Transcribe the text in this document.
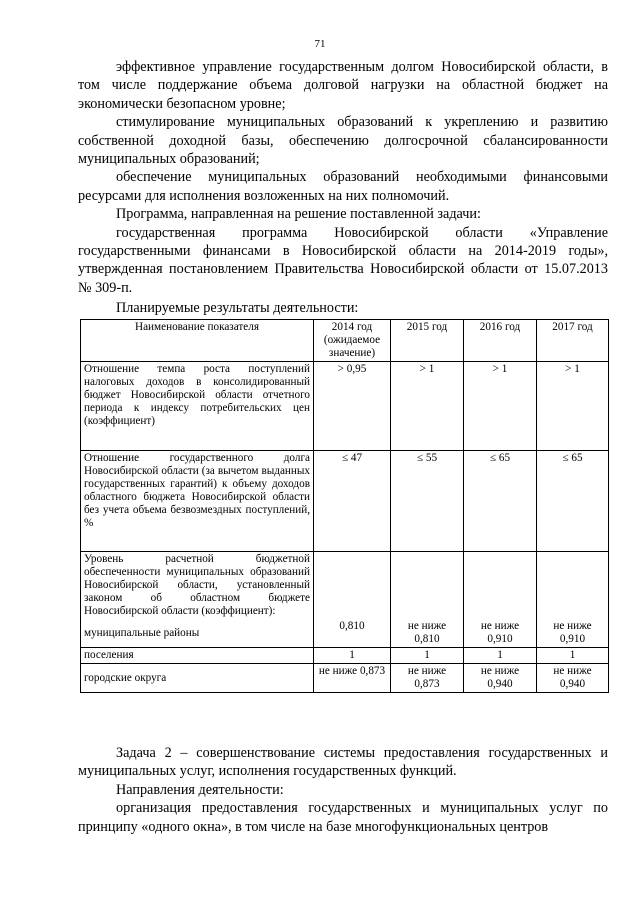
71

эффективное управление государственным долгом Новосибирской области, в том числе поддержание объема долговой нагрузки на областной бюджет на экономически безопасном уровне;

стимулирование муниципальных образований к укреплению и развитию собственной доходной базы, обеспечению долгосрочной сбалансированности муниципальных образований;

обеспечение муниципальных образований необходимыми финансовыми ресурсами для исполнения возложенных на них полномочий.

Программа, направленная на решение поставленной задачи:

государственная программа Новосибирской области «Управление государственными финансами в Новосибирской области на 2014-2019 годы», утвержденная постановлением Правительства Новосибирской области от 15.07.2013 № 309-п.

Планируемые результаты деятельности:
Наименование показателя	2014 год (ожидаемое значение)	2015 год	2016 год	2017 год
Отношение темпа роста поступлений налоговых доходов в консолидированный бюджет Новосибирской области отчетного периода к индексу потребительских цен (коэффициент)	> 0,95	> 1	> 1	> 1
Отношение государственного долга Новосибирской области (за вычетом выданных государственных гарантий) к объему доходов областного бюджета Новосибирской области без учета объема безвозмездных поступлений, %	≤ 47	≤ 55	≤ 65	≤ 65
Уровень расчетной бюджетной обеспеченности муниципальных образований Новосибирской области, установленный законом об областном бюджете Новосибирской области (коэффициент):				
муниципальные районы	0,810	не ниже 0,810	не ниже 0,910	не ниже 0,910
поселения	1	1	1	1
городские округа	не ниже 0,873	не ниже 0,873	не ниже 0,940	не ниже 0,940

Задача 2 – совершенствование системы предоставления государственных и муниципальных услуг, исполнения государственных функций.

Направления деятельности:

организация предоставления государственных и муниципальных услуг по принципу «одного окна», в том числе на базе многофункциональных центров
